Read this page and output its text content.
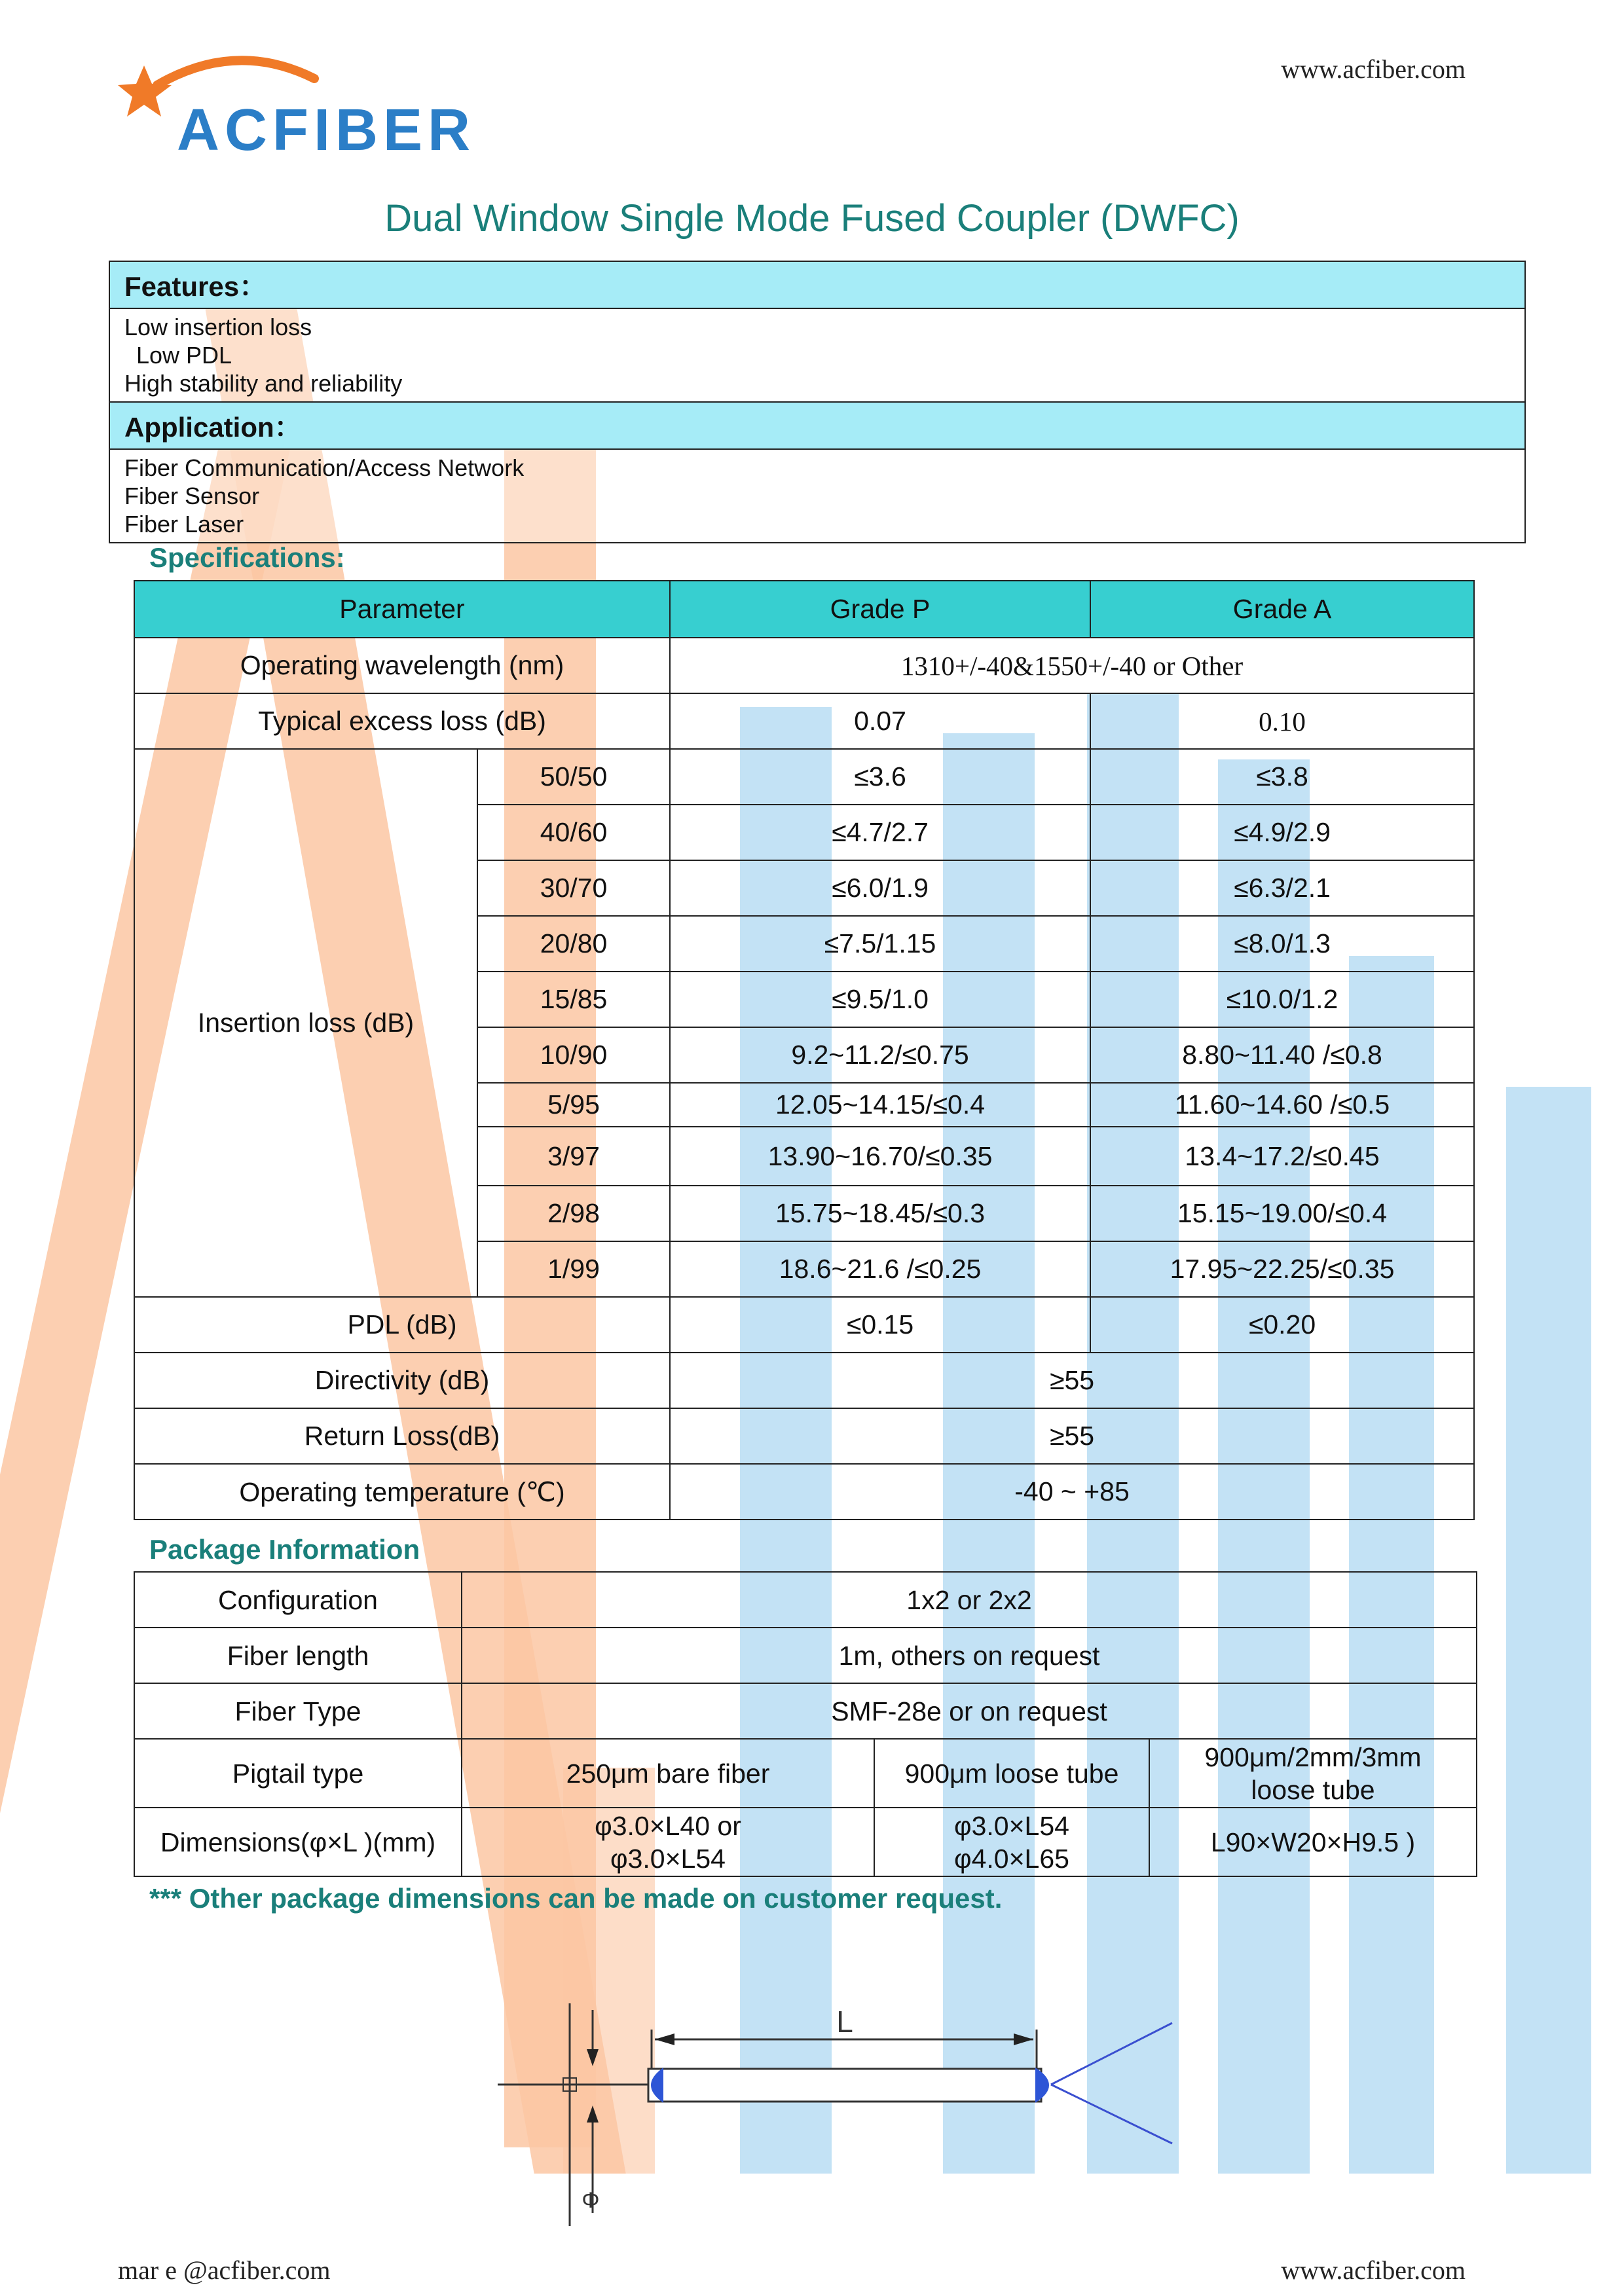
www.acfiber.com
ACFIBER
Dual Window Single Mode Fused Coupler (DWFC)
Features：

Low insertion loss
Low PDL
High stability and reliability

Application：

Fiber Communication/Access Network
Fiber Sensor
Fiber Laser
Specifications:
Parameter		Grade P	Grade A
Operating wavelength (nm)		1310+/-40&1550+/-40 or Other	
Typical excess loss (dB)		0.07	0.10
Insertion loss (dB)	50/50	≤3.6	≤3.8
	40/60	≤4.7/2.7	≤4.9/2.9
	30/70	≤6.0/1.9	≤6.3/2.1
	20/80	≤7.5/1.15	≤8.0/1.3
	15/85	≤9.5/1.0	≤10.0/1.2
	10/90	9.2~11.2/≤0.75	8.80~11.40 /≤0.8
	5/95	12.05~14.15/≤0.4	11.60~14.60 /≤0.5
	3/97	13.90~16.70/≤0.35	13.4~17.2/≤0.45
	2/98	15.75~18.45/≤0.3	15.15~19.00/≤0.4
	1/99	18.6~21.6 /≤0.25	17.95~22.25/≤0.35
PDL (dB)		≤0.15	≤0.20
Directivity (dB)		≥55	
Return Loss(dB)		≥55	
Operating temperature (℃)		-40 ~ +85	
Package Information
Configuration	1x2 or 2x2		
Fiber length	1m, others on request		
Fiber Type	SMF-28e or on request		
Pigtail type	250μm bare fiber	900μm loose tube	900μm/2mm/3mm loose tube
Dimensions(φ×L )(mm)	φ3.0×L40 or φ3.0×L54	φ3.0×L54 φ4.0×L65	L90×W20×H9.5 )
*** Other package dimensions can be made on customer request.
L
Φ
mar e @acfiber.com	www.acfiber.com
